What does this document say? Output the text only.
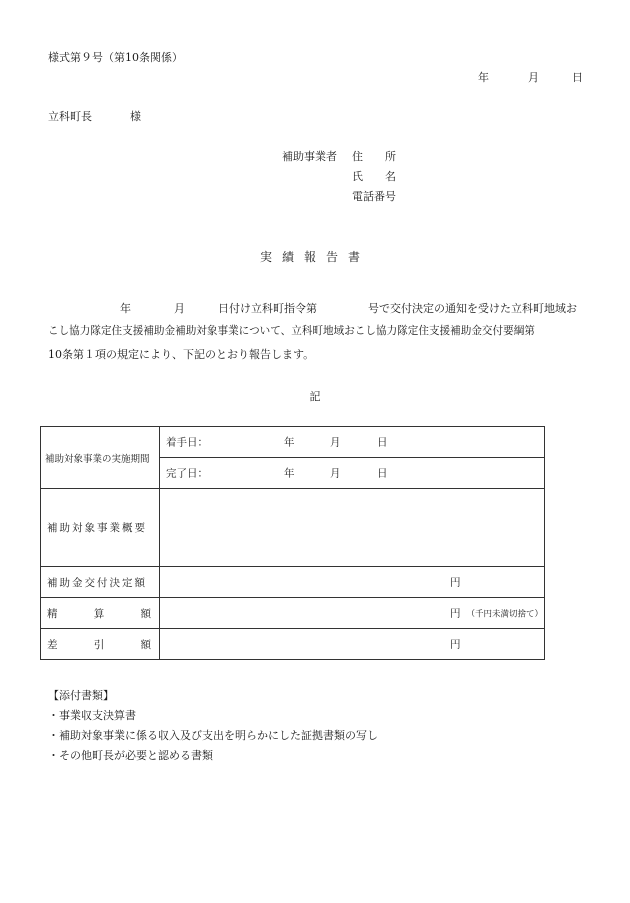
様式第９号（第10条関係）
年	月	日
立科町長	様
補助事業者 住　　所
氏　　名
電話番号
実績報告書
年	月	日付け立科町指令第	号で交付決定の通知を受けた立科町地域お
こし協力隊定住支援補助金補助対象事業について、立科町地域おこし協力隊定住支援補助金交付要綱第
10条第１項の規定により、下記のとおり報告します。
記
補助対象事業の実施期間	着手日： 年 月 日

	完了日： 年 月 日

補助対象事業概要	
補助金交付決定額	円

精 算 額	円 （千円未満切捨て）

差 引 額	円
【添付書類】
・事業収支決算書
・補助対象事業に係る収入及び支出を明らかにした証拠書類の写し
・その他町長が必要と認める書類
